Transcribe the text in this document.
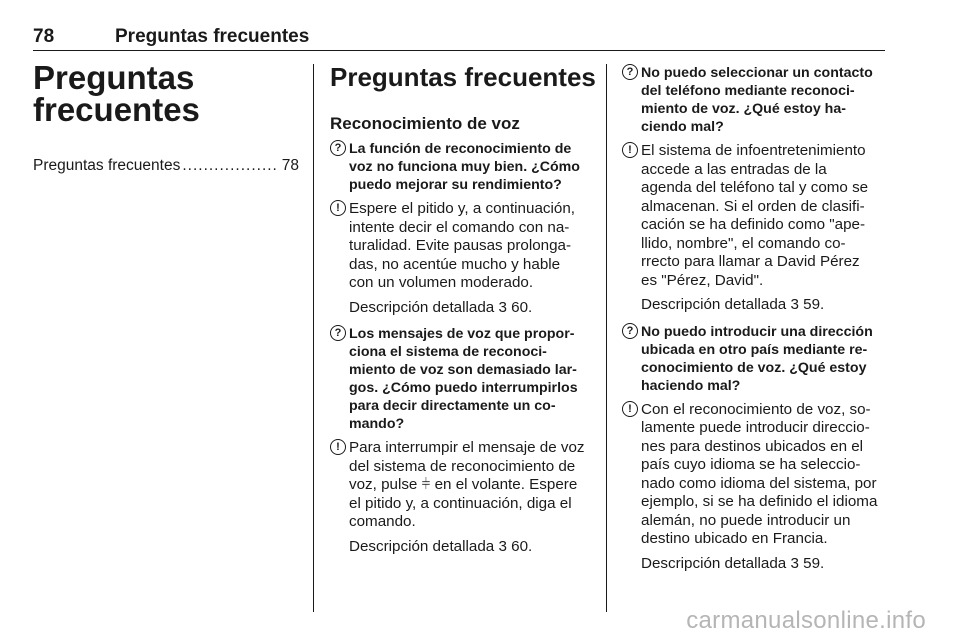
78	Preguntas frecuentes
Preguntas
frecuentes
Preguntas frecuentes .................. 78
Preguntas frecuentes
Reconocimiento de voz
? La función de reconocimiento de
voz no funciona muy bien. ¿Cómo
puedo mejorar su rendimiento?
! Espere el pitido y, a continuación,
intente decir el comando con na-
turalidad. Evite pausas prolonga-
das, no acentúe mucho y hable
con un volumen moderado.
Descripción detallada 3 60.
? Los mensajes de voz que propor-
ciona el sistema de reconoci-
miento de voz son demasiado lar-
gos. ¿Cómo puedo interrumpirlos
para decir directamente un co-
mando?
! Para interrumpir el mensaje de voz
del sistema de reconocimiento de
voz, pulse ⫩ en el volante. Espere
el pitido y, a continuación, diga el
comando.
Descripción detallada 3 60.
? No puedo seleccionar un contacto
del teléfono mediante reconoci-
miento de voz. ¿Qué estoy ha-
ciendo mal?
! El sistema de infoentretenimiento
accede a las entradas de la
agenda del teléfono tal y como se
almacenan. Si el orden de clasifi-
cación se ha definido como "ape-
llido, nombre", el comando co-
rrecto para llamar a David Pérez
es "Pérez, David".
Descripción detallada 3 59.
? No puedo introducir una dirección
ubicada en otro país mediante re-
conocimiento de voz. ¿Qué estoy
haciendo mal?
! Con el reconocimiento de voz, so-
lamente puede introducir direccio-
nes para destinos ubicados en el
país cuyo idioma se ha seleccio-
nado como idioma del sistema, por
ejemplo, si se ha definido el idioma
alemán, no puede introducir un
destino ubicado en Francia.
Descripción detallada 3 59.
carmanualsonline.info
